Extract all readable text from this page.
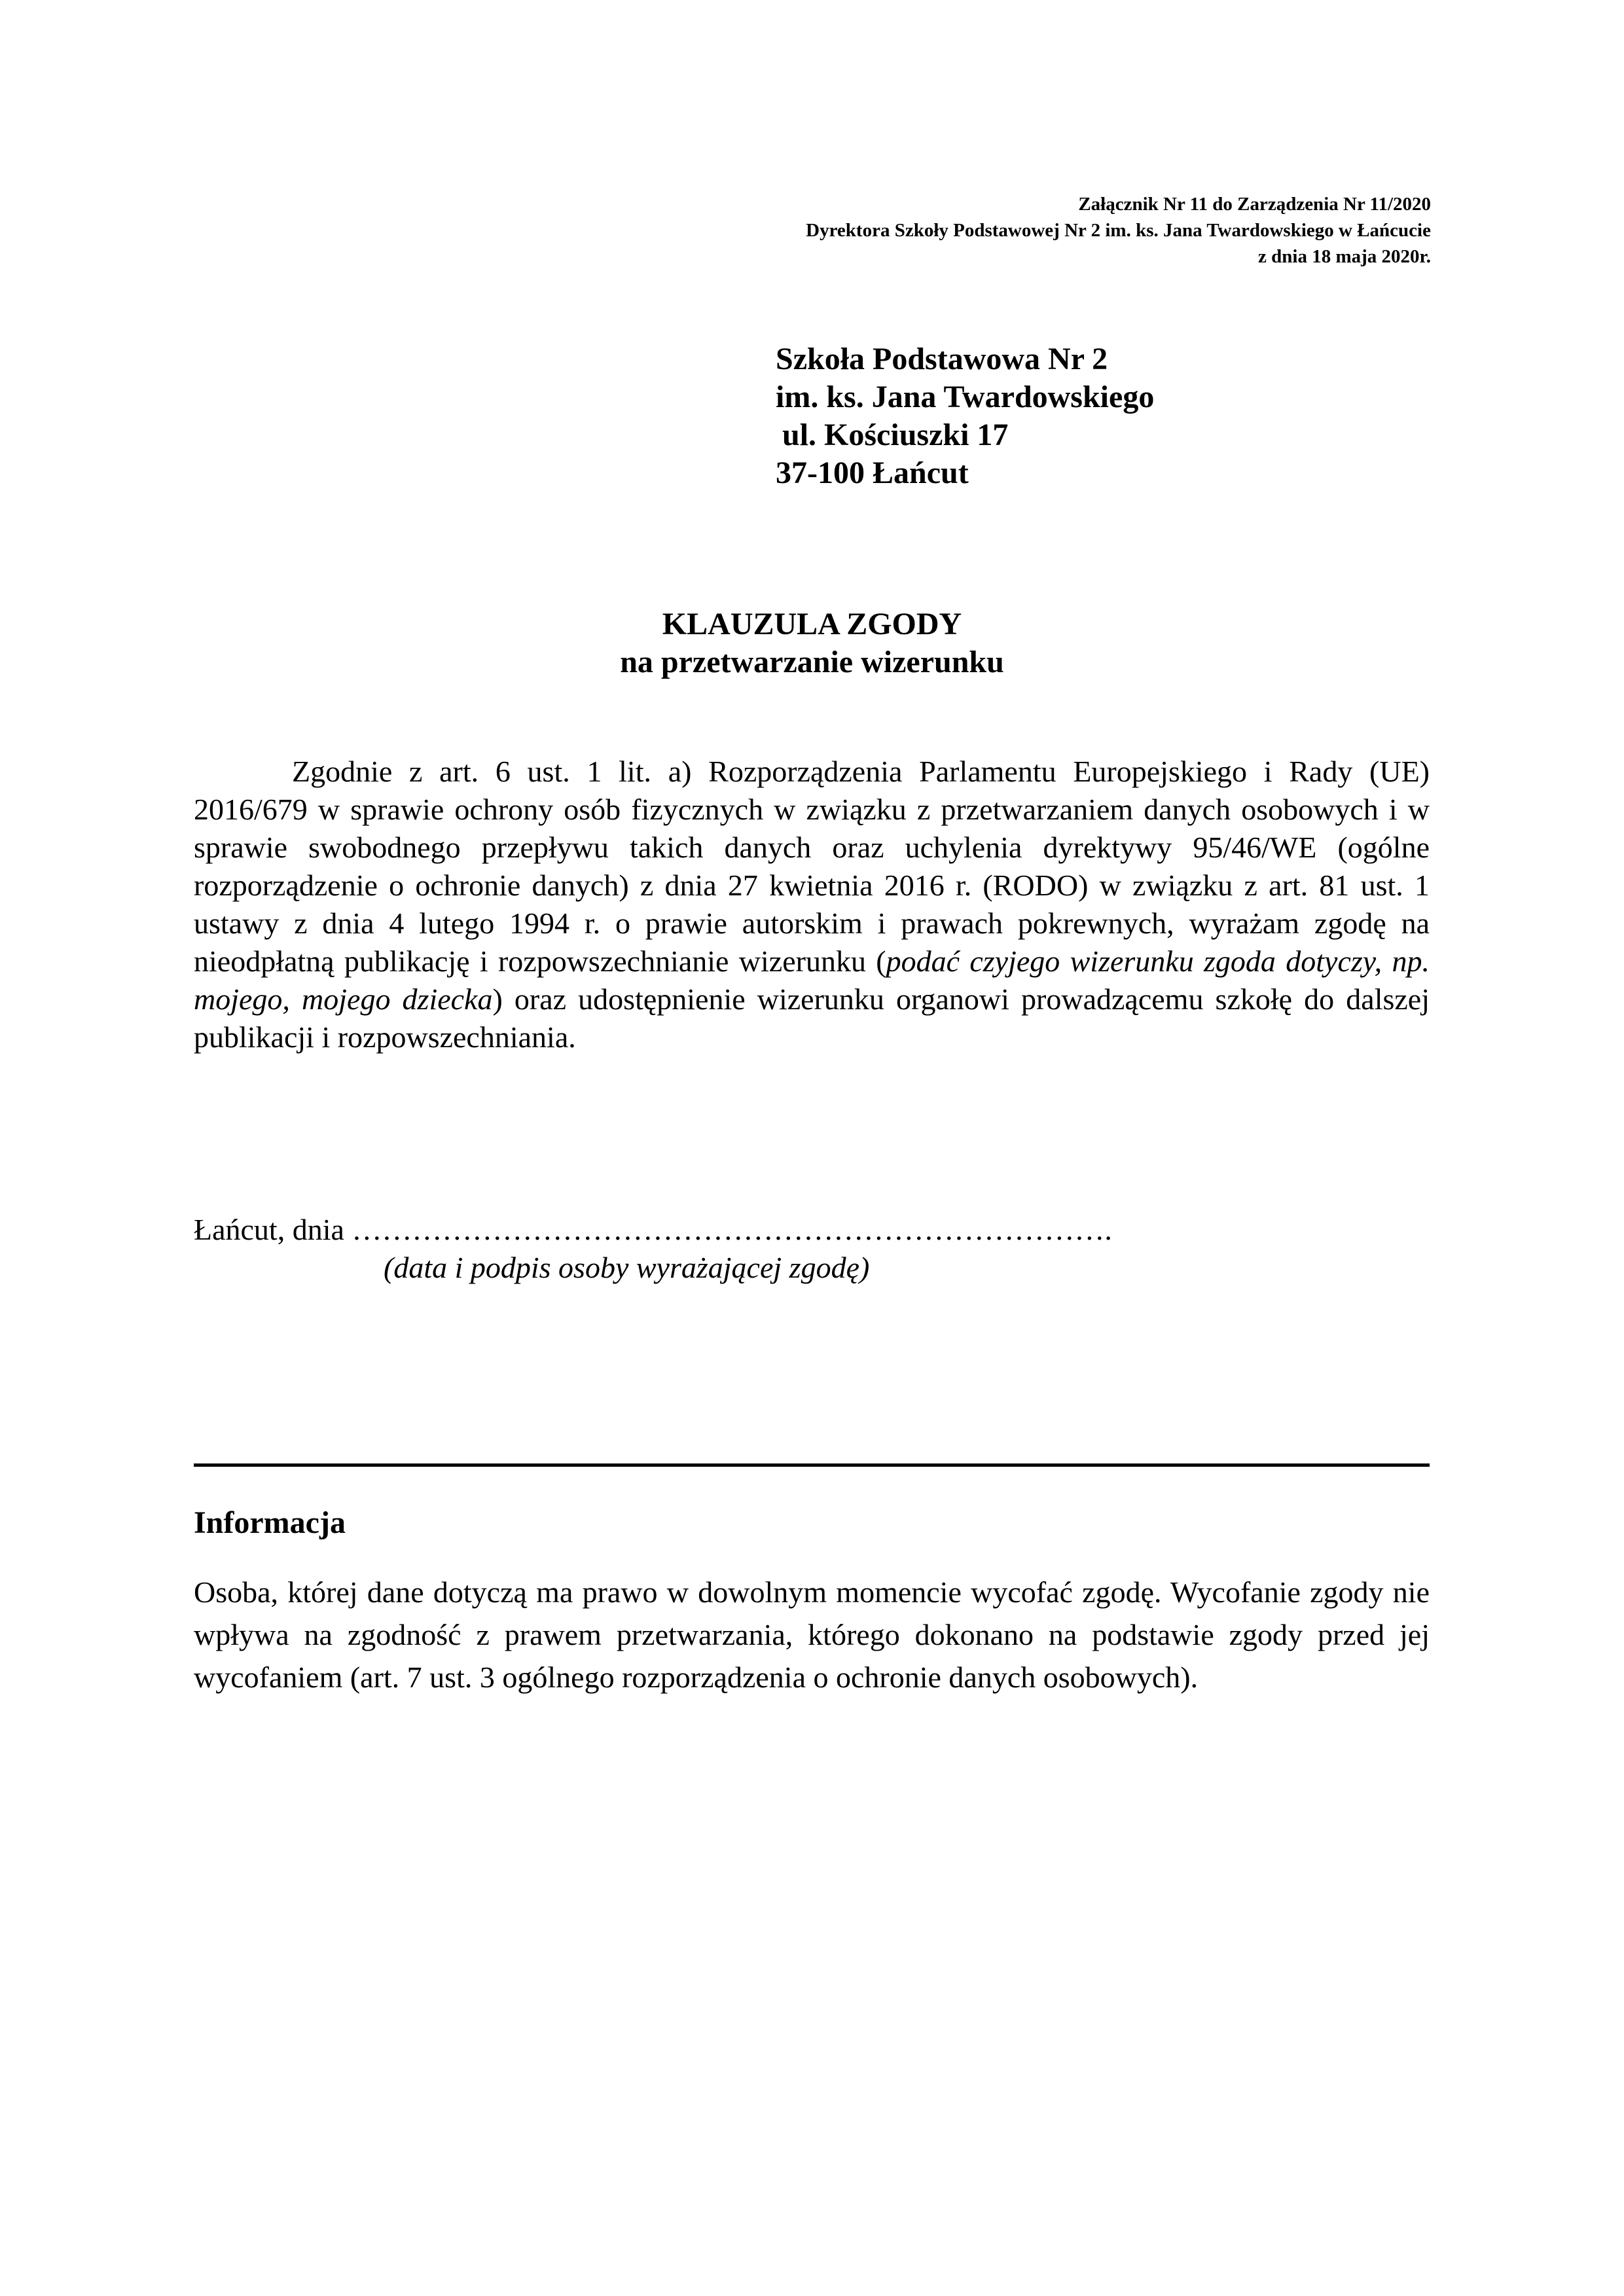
Załącznik Nr 11 do Zarządzenia Nr 11/2020
Dyrektora Szkoły Podstawowej Nr 2 im. ks. Jana Twardowskiego w Łańcucie
z dnia 18 maja 2020r.
Szkoła Podstawowa Nr 2
im. ks. Jana Twardowskiego
ul. Kościuszki 17
37-100 Łańcut
KLAUZULA ZGODY
na przetwarzanie wizerunku

Zgodnie z art. 6 ust. 1 lit. a) Rozporządzenia Parlamentu Europejskiego i Rady (UE) 2016/679 w sprawie ochrony osób fizycznych w związku z przetwarzaniem danych osobowych i w sprawie swobodnego przepływu takich danych oraz uchylenia dyrektywy 95/46/WE (ogólne rozporządzenie o ochronie danych) z dnia 27 kwietnia 2016 r. (RODO) w związku z art. 81 ust. 1 ustawy z dnia 4 lutego 1994 r. o prawie autorskim i prawach pokrewnych, wyrażam zgodę na nieodpłatną publikację i rozpowszechnianie wizerunku (podać czyjego wizerunku zgoda dotyczy, np. mojego, mojego dziecka) oraz udostępnienie wizerunku organowi prowadzącemu szkołę do dalszej publikacji i rozpowszechniania.

Łańcut, dnia ………………………………………………………………….
(data i podpis osoby wyrażającej zgodę)
Informacja

Osoba, której dane dotyczą ma prawo w dowolnym momencie wycofać zgodę. Wycofanie zgody nie wpływa na zgodność z prawem przetwarzania, którego dokonano na podstawie zgody przed jej wycofaniem (art. 7 ust. 3 ogólnego rozporządzenia o ochronie danych osobowych).
